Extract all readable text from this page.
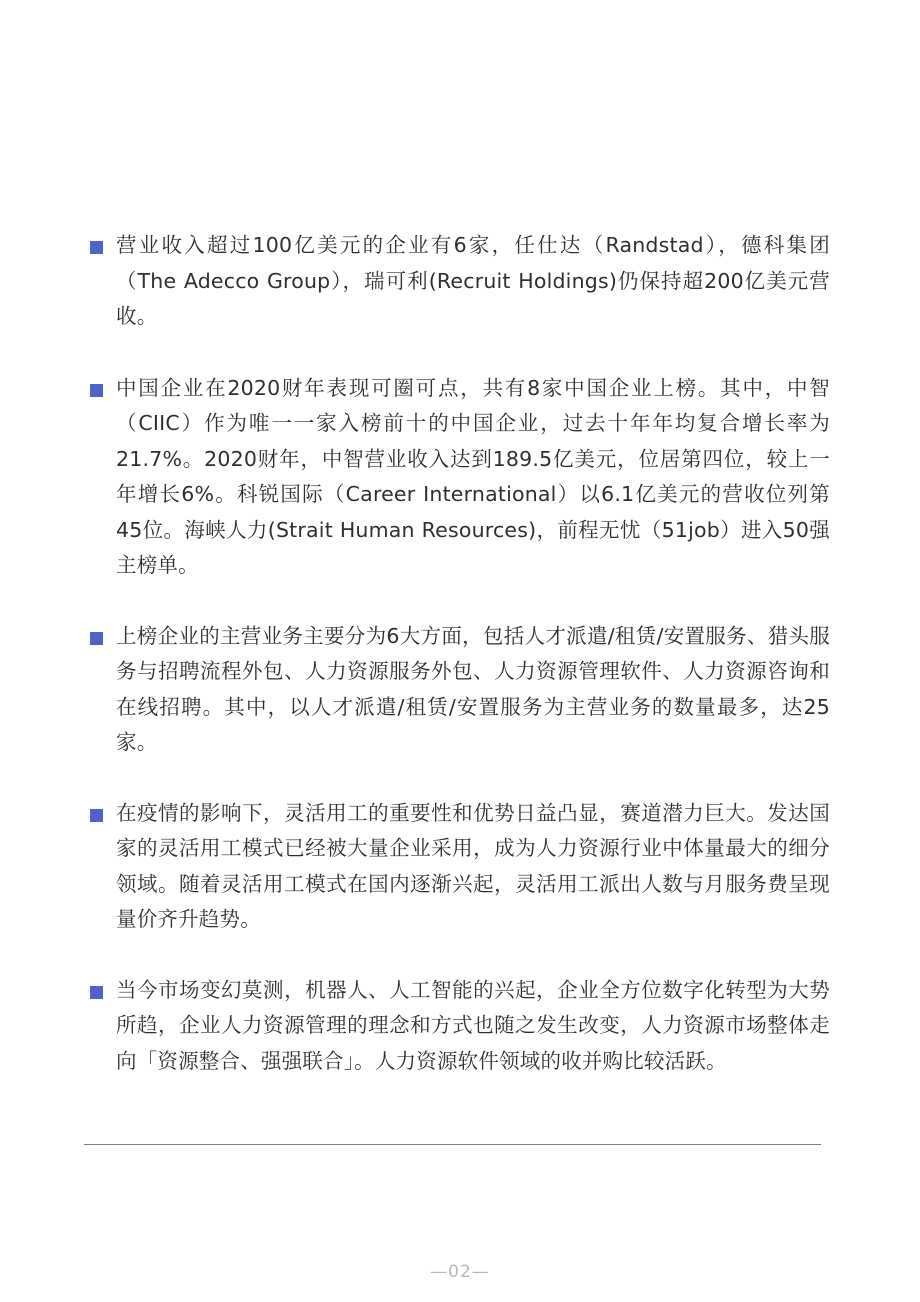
营业收入超过100亿美元的企业有6家，任仕达（Randstad），德科集团（The Adecco Group），瑞可利(Recruit Holdings)仍保持超200亿美元营收。
中国企业在2020财年表现可圈可点，共有8家中国企业上榜。其中，中智（CIIC）作为唯一一家入榜前十的中国企业，过去十年年均复合增长率为21.7%。2020财年，中智营业收入达到189.5亿美元，位居第四位，较上一年增长6%。科锐国际（Career International）以6.1亿美元的营收位列第45位。海峡人力(Strait Human Resources)，前程无忧（51job）进入50强主榜单。
上榜企业的主营业务主要分为6大方面，包括人才派遣/租赁/安置服务、猎头服务与招聘流程外包、人力资源服务外包、人力资源管理软件、人力资源咨询和在线招聘。其中，以人才派遣/租赁/安置服务为主营业务的数量最多，达25家。
在疫情的影响下，灵活用工的重要性和优势日益凸显，赛道潜力巨大。发达国家的灵活用工模式已经被大量企业采用，成为人力资源行业中体量最大的细分领域。随着灵活用工模式在国内逐渐兴起，灵活用工派出人数与月服务费呈现量价齐升趋势。
当今市场变幻莫测，机器人、人工智能的兴起，企业全方位数字化转型为大势所趋，企业人力资源管理的理念和方式也随之发生改变，人力资源市场整体走向「资源整合、强强联合」。人力资源软件领域的收并购比较活跃。
—02—
